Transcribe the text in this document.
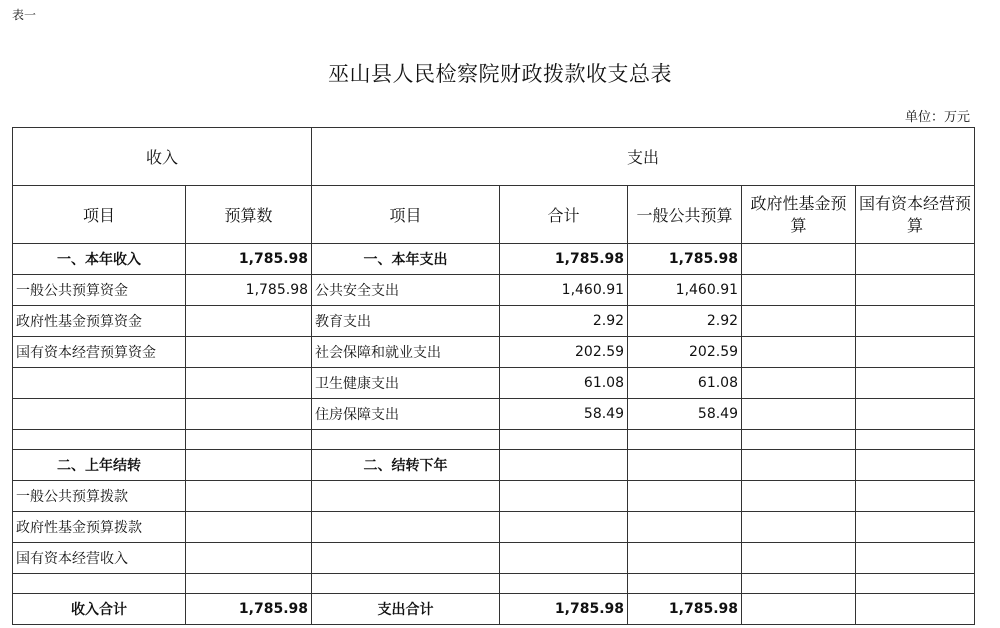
表一
巫山县人民检察院财政拨款收支总表
单位：万元
收入		支出				
项目	预算数	项目	合计	一般公共预算	政府性基金预算	国有资本经营预算
一、本年收入	1,785.98	一、本年支出	1,785.98	1,785.98		
一般公共预算资金	1,785.98	公共安全支出	1,460.91	1,460.91		
政府性基金预算资金		教育支出	2.92	2.92		
国有资本经营预算资金		社会保障和就业支出	202.59	202.59		
		卫生健康支出	61.08	61.08		
		住房保障支出	58.49	58.49		

二、上年结转		二、结转下年				
一般公共预算拨款						
政府性基金预算拨款						
国有资本经营收入						

收入合计	1,785.98	支出合计	1,785.98	1,785.98		
